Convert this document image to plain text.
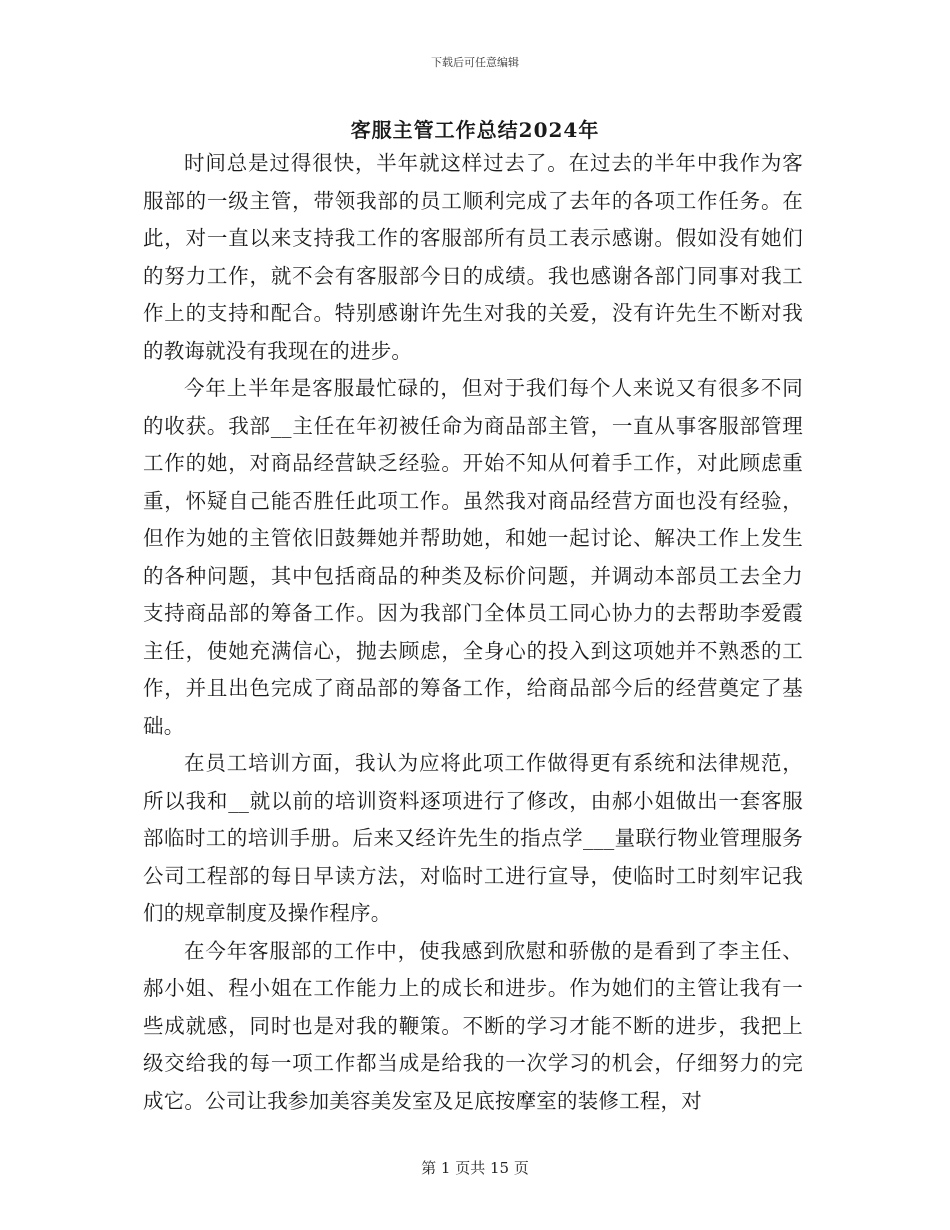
下载后可任意编辑
客服主管工作总结2024年

时间总是过得很快，半年就这样过去了。在过去的半年中我作为客服部的一级主管，带领我部的员工顺利完成了去年的各项工作任务。在此，对一直以来支持我工作的客服部所有员工表示感谢。假如没有她们的努力工作，就不会有客服部今日的成绩。我也感谢各部门同事对我工作上的支持和配合。特别感谢许先生对我的关爱，没有许先生不断对我的教诲就没有我现在的进步。

今年上半年是客服最忙碌的，但对于我们每个人来说又有很多不同的收获。我部__主任在年初被任命为商品部主管，一直从事客服部管理工作的她，对商品经营缺乏经验。开始不知从何着手工作，对此顾虑重重，怀疑自己能否胜任此项工作。虽然我对商品经营方面也没有经验，但作为她的主管依旧鼓舞她并帮助她，和她一起讨论、解决工作上发生的各种问题，其中包括商品的种类及标价问题，并调动本部员工去全力支持商品部的筹备工作。因为我部门全体员工同心协力的去帮助李爱霞主任，使她充满信心，抛去顾虑，全身心的投入到这项她并不熟悉的工作，并且出色完成了商品部的筹备工作，给商品部今后的经营奠定了基础。

在员工培训方面，我认为应将此项工作做得更有系统和法律规范，所以我和__就以前的培训资料逐项进行了修改，由郝小姐做出一套客服部临时工的培训手册。后来又经许先生的指点学___量联行物业管理服务公司工程部的每日早读方法，对临时工进行宣导，使临时工时刻牢记我们的规章制度及操作程序。

在今年客服部的工作中，使我感到欣慰和骄傲的是看到了李主任、郝小姐、程小姐在工作能力上的成长和进步。作为她们的主管让我有一些成就感，同时也是对我的鞭策。不断的学习才能不断的进步，我把上级交给我的每一项工作都当成是给我的一次学习的机会，仔细努力的完成它。公司让我参加美容美发室及足底按摩室的装修工程，对

第 1 页共 15 页
